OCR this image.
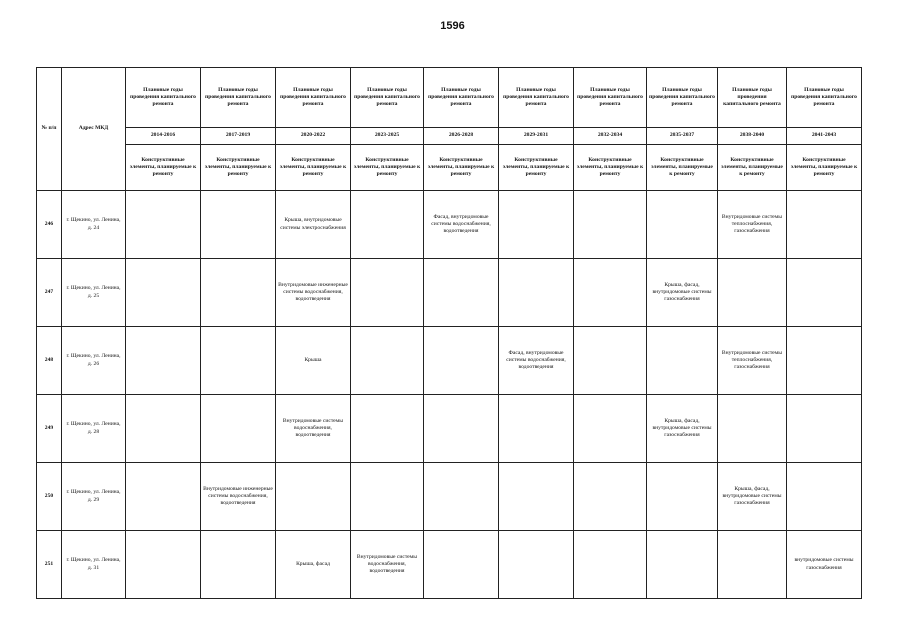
1596
№ п/п	Адрес МКД	Плановые годы проведения капитального ремонта	Плановые годы проведения капитального ремонта	Плановые годы проведения капитального ремонта	Плановые годы проведения капитального ремонта	Плановые годы проведения капитального ремонта	Плановые годы проведения капитального ремонта	Плановые годы проведения капитального ремонта	Плановые годы проведения капитального ремонта	Плановые годы проведения капитального ремонта	Плановые годы проведения капитального ремонта
		2014-2016	2017-2019	2020-2022	2023-2025	2026-2028	2029-2031	2032-2034	2035-2037	2038-2040	2041-2043
		Конструктивные элементы, планируемые к ремонту	Конструктивные элементы, планируемые к ремонту	Конструктивные элементы, планируемые к ремонту	Конструктивные элементы, планируемые к ремонту	Конструктивные элементы, планируемые к ремонту	Конструктивные элементы, планируемые к ремонту	Конструктивные элементы, планируемые к ремонту	Конструктивные элементы, планируемые к ремонту	Конструктивные элементы, планируемые к ремонту	Конструктивные элементы, планируемые к ремонту
246	г. Щекино, ул. Ленина, д. 24			Крыша, внутридомовые системы электроснабжения		Фасад, внутридомовые системы водоснабжения, водоотведения				Внутридомовые системы теплоснабжения, газоснабжения	
247	г. Щекино, ул. Ленина, д. 25			Внутридомовые инженерные системы водоснабжения, водоотведения					Крыша, фасад, внутридомовые системы газоснабжения		
248	г. Щекино, ул. Ленина, д. 26			Крыша			Фасад, внутридомовые системы водоснабжения, водоотведения			Внутридомовые системы теплоснабжения, газоснабжения	
249	г. Щекино, ул. Ленина, д. 28			Внутридомовые системы водоснабжения, водоотведения					Крыша, фасад, внутридомовые системы газоснабжения		
250	г. Щекино, ул. Ленина, д. 29		Внутридомовые инженерные системы водоснабжения, водоотведения							Крыша, фасад, внутридомовые системы газоснабжения	
251	г. Щекино, ул. Ленина, д. 31			Крыша, фасад	Внутридомовые системы водоснабжения, водоотведения						внутридомовые системы газоснабжения
